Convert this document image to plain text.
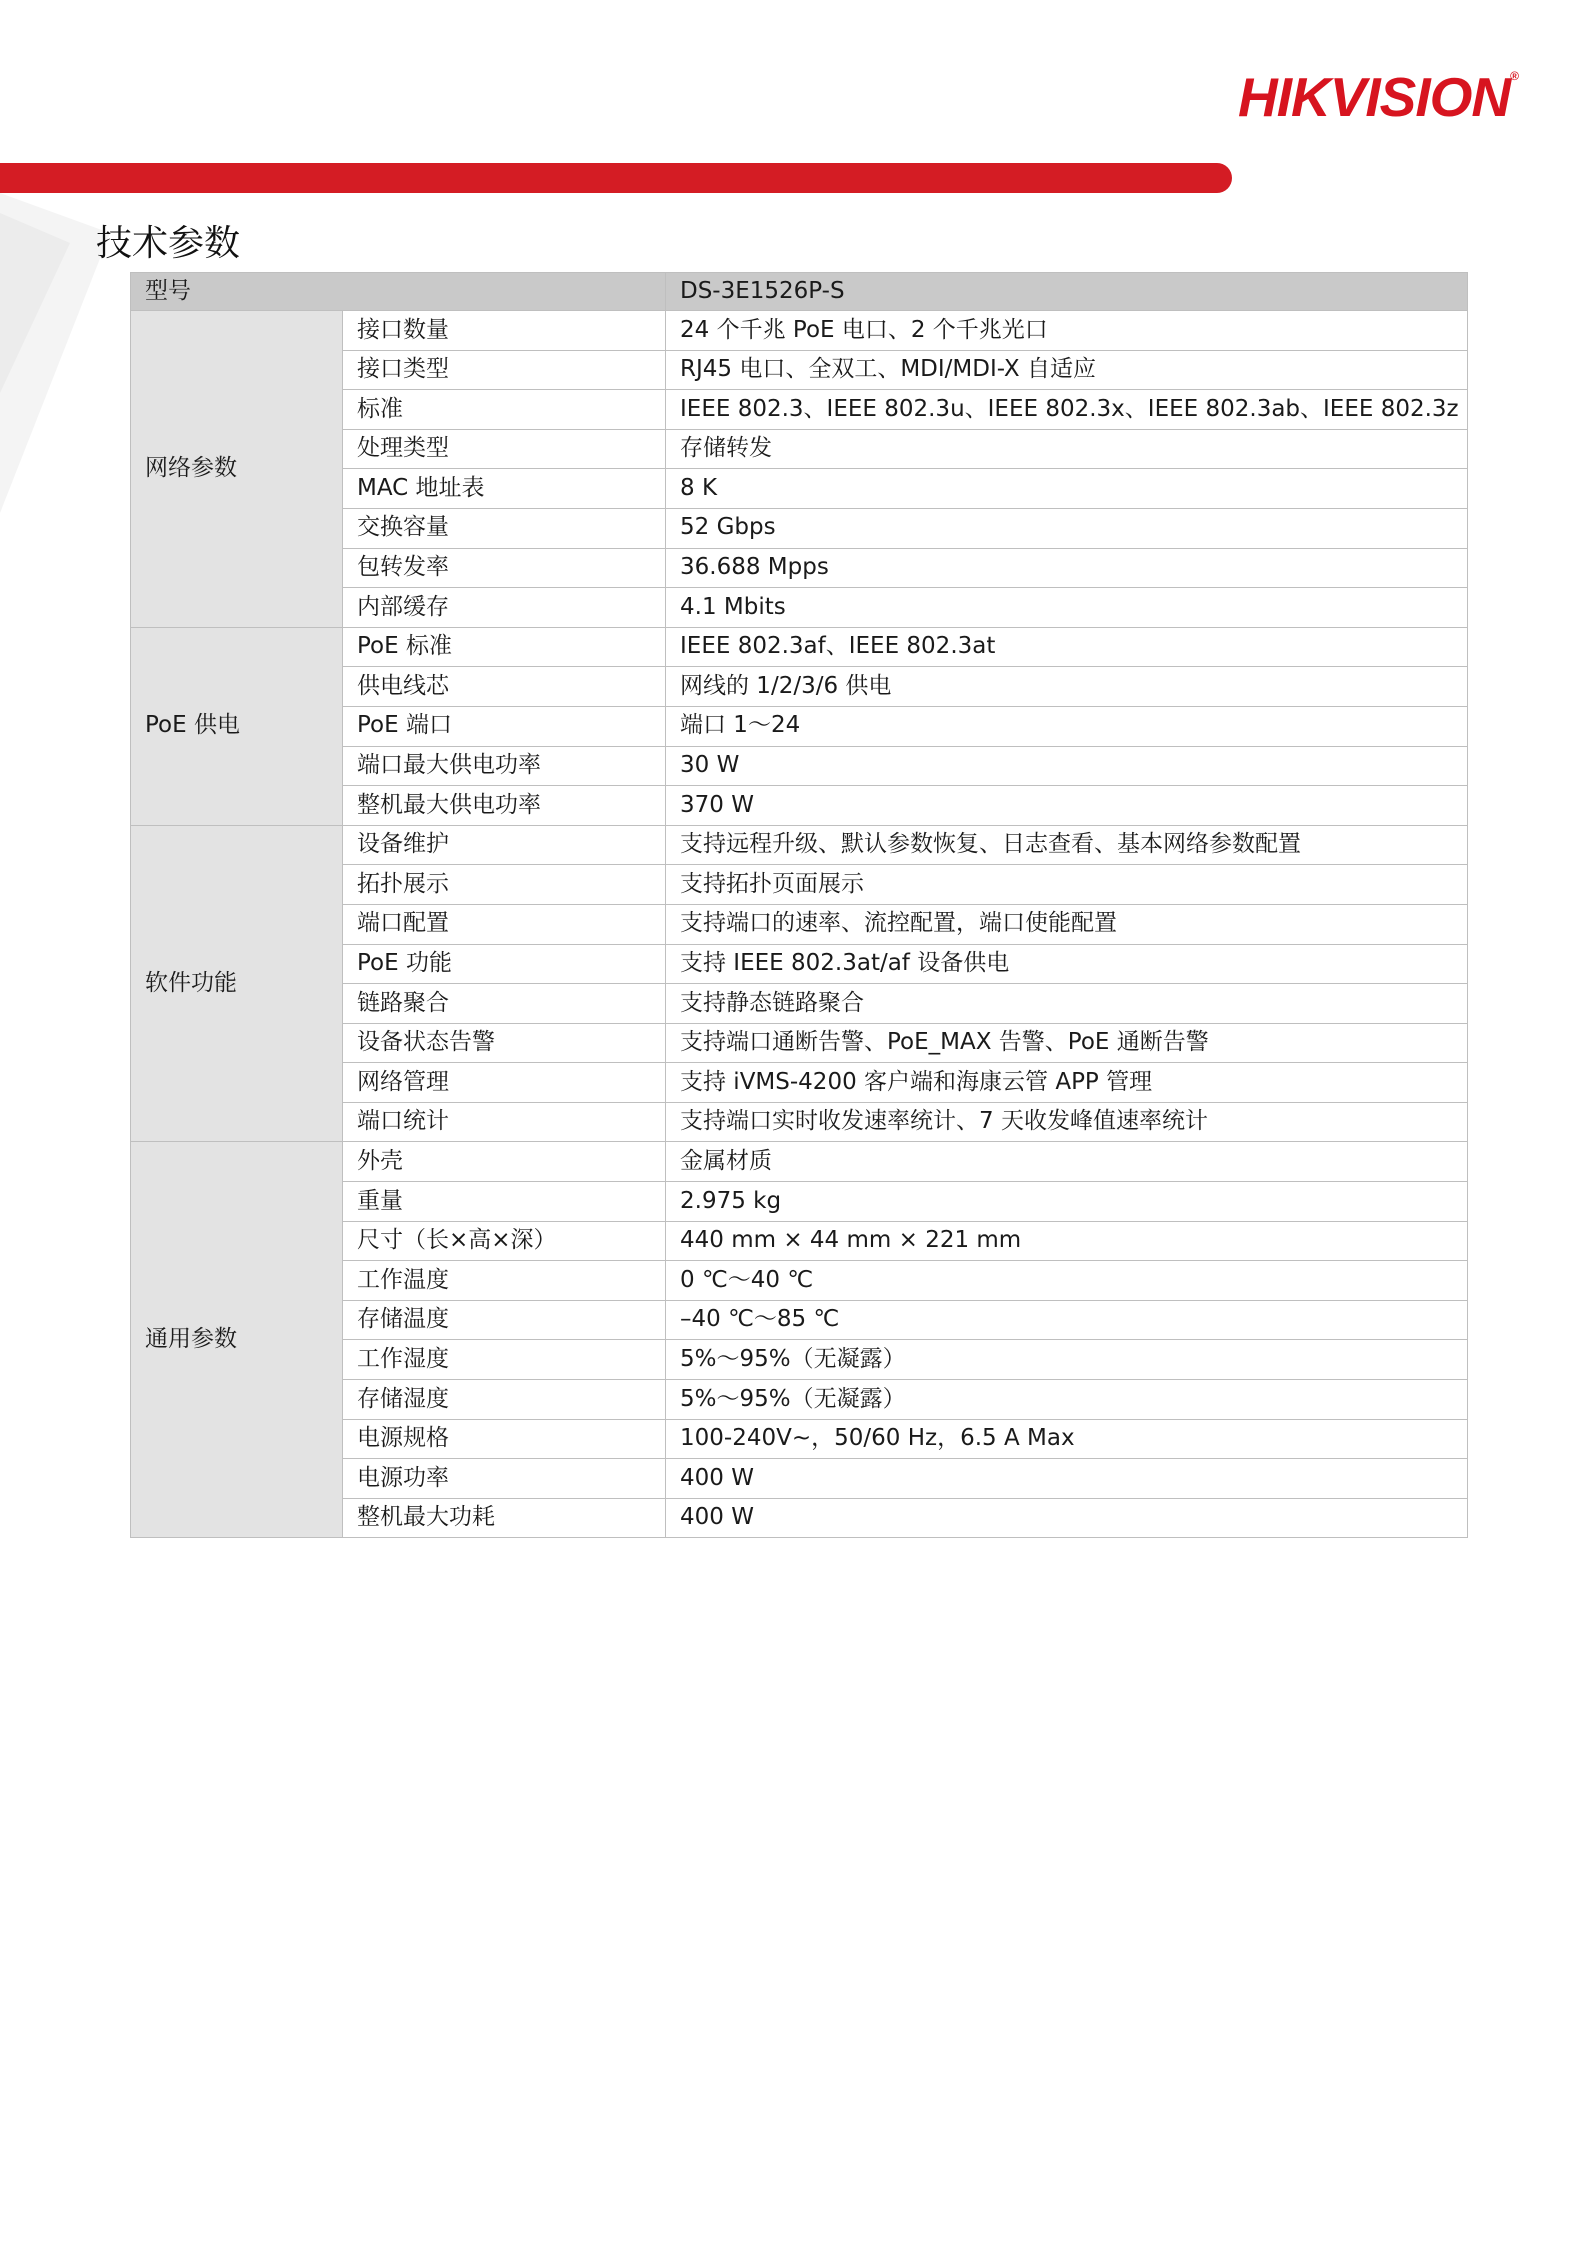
HIKVISION®
技术参数
型号		DS-3E1526P-S
网络参数	接口数量	24 个千兆 PoE 电口、2 个千兆光口
	接口类型	RJ45 电口、全双工、MDI/MDI-X 自适应
	标准	IEEE 802.3、IEEE 802.3u、IEEE 802.3x、IEEE 802.3ab、IEEE 802.3z
	处理类型	存储转发
	MAC 地址表	8 K
	交换容量	52 Gbps
	包转发率	36.688 Mpps
	内部缓存	4.1 Mbits
PoE 供电	PoE 标准	IEEE 802.3af、IEEE 802.3at
	供电线芯	网线的 1/2/3/6 供电
	PoE 端口	端口 1～24
	端口最大供电功率	30 W
	整机最大供电功率	370 W
软件功能	设备维护	支持远程升级、默认参数恢复、日志查看、基本网络参数配置
	拓扑展示	支持拓扑页面展示
	端口配置	支持端口的速率、流控配置，端口使能配置
	PoE 功能	支持 IEEE 802.3at/af 设备供电
	链路聚合	支持静态链路聚合
	设备状态告警	支持端口通断告警、PoE_MAX 告警、PoE 通断告警
	网络管理	支持 iVMS-4200 客户端和海康云管 APP 管理
	端口统计	支持端口实时收发速率统计、7 天收发峰值速率统计
通用参数	外壳	金属材质
	重量	2.975 kg
	尺寸（长×高×深）	440 mm × 44 mm × 221 mm
	工作温度	0 ℃～40 ℃
	存储温度	–40 ℃～85 ℃
	工作湿度	5%～95%（无凝露）
	存储湿度	5%～95%（无凝露）
	电源规格	100-240V~，50/60 Hz，6.5 A Max
	电源功率	400 W
	整机最大功耗	400 W
